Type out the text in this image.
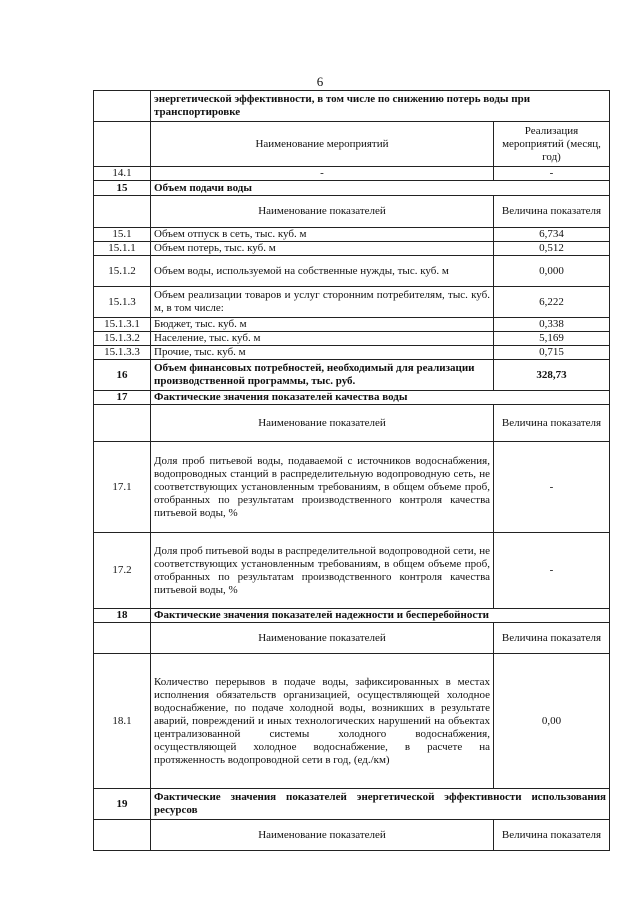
6
	энергетической эффективности, в том числе по снижению потерь воды при транспортировке	
	Наименование мероприятий	Реализация мероприятий (месяц, год)
14.1	-	-
15	Объем подачи воды	
	Наименование показателей	Величина показателя
15.1	Объем отпуск в сеть, тыс. куб. м	6,734
15.1.1	Объем потерь, тыс. куб. м	0,512
15.1.2	Объем воды, используемой на собственные нужды, тыс. куб. м	0,000
15.1.3	Объем реализации товаров и услуг сторонним потребителям, тыс. куб. м, в том числе:	6,222
15.1.3.1	Бюджет, тыс. куб. м	0,338
15.1.3.2	Население, тыс. куб. м	5,169
15.1.3.3	Прочие, тыс. куб. м	0,715
16	Объем финансовых потребностей, необходимый для реализации производственной программы, тыс. руб.	328,73
17	Фактические значения показателей качества воды	
	Наименование показателей	Величина показателя
17.1	Доля проб питьевой воды, подаваемой с источников водоснабжения, водопроводных станций в распределительную водопроводную сеть, не соответствующих установленным требованиям, в общем объеме проб, отобранных по результатам производственного контроля качества питьевой воды, %	-
17.2	Доля проб питьевой воды в распределительной водопроводной сети, не соответствующих установленным требованиям, в общем объеме проб, отобранных по результатам производственного контроля качества питьевой воды, %	-
18	Фактические значения показателей надежности и бесперебойности	
	Наименование показателей	Величина показателя
18.1	Количество перерывов в подаче воды, зафиксированных в местах исполнения обязательств организацией, осуществляющей холодное водоснабжение, по подаче холодной воды, возникших в результате аварий, повреждений и иных технологических нарушений на объектах централизованной системы холодного водоснабжения, осуществляющей холодное водоснабжение, в расчете на протяженность водопроводной сети в год, (ед./км)	0,00
19	Фактические значения показателей энергетической эффективности использования ресурсов	
	Наименование показателей	Величина показателя
